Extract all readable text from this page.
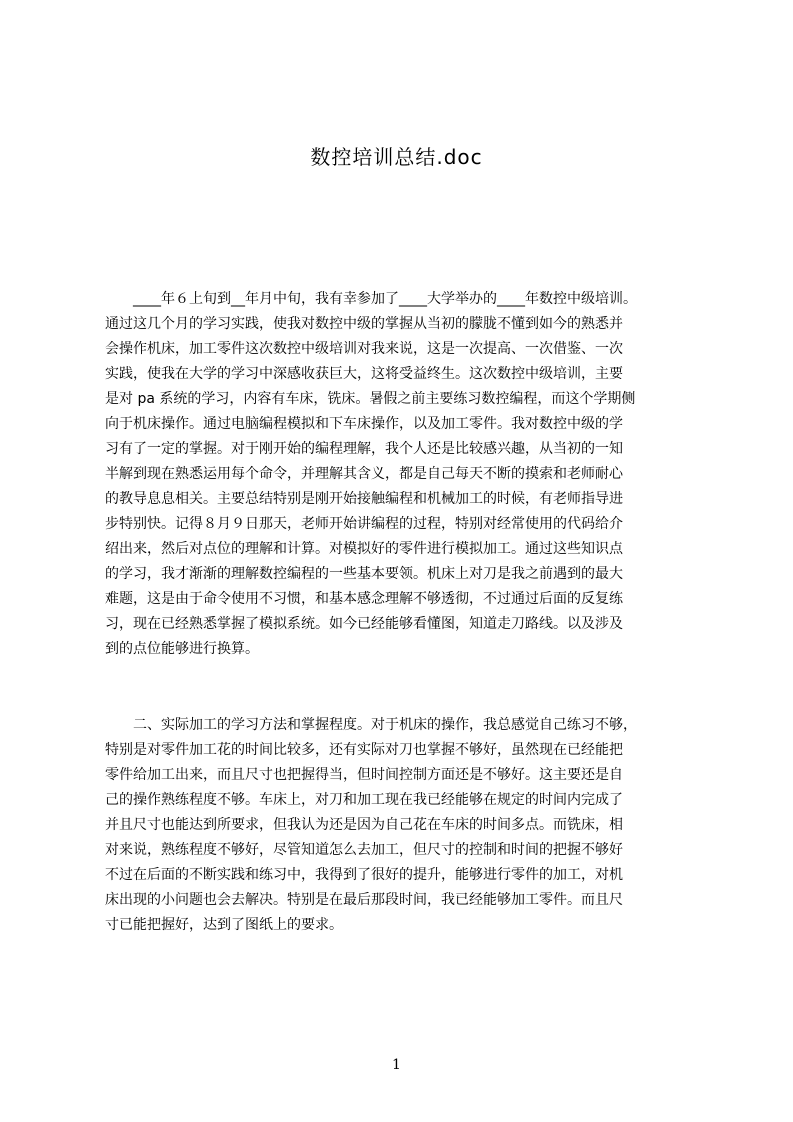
数控培训总结.doc
　　____年６上旬到__年月中旬，我有幸参加了____大学举办的____年数控中级培训。
通过这几个月的学习实践，使我对数控中级的掌握从当初的朦胧不懂到如今的熟悉并
会操作机床，加工零件这次数控中级培训对我来说，这是一次提高、一次借鉴、一次
实践，使我在大学的学习中深感收获巨大，这将受益终生。这次数控中级培训，主要
是对 pa 系统的学习，内容有车床，铣床。暑假之前主要练习数控编程，而这个学期侧
向于机床操作。通过电脑编程模拟和下车床操作，以及加工零件。我对数控中级的学
习有了一定的掌握。对于刚开始的编程理解，我个人还是比较感兴趣，从当初的一知
半解到现在熟悉运用每个命令，并理解其含义，都是自己每天不断的摸索和老师耐心
的教导息息相关。主要总结特别是刚开始接触编程和机械加工的时候，有老师指导进
步特别快。记得８月９日那天，老师开始讲编程的过程，特别对经常使用的代码给介
绍出来，然后对点位的理解和计算。对模拟好的零件进行模拟加工。通过这些知识点
的学习，我才渐渐的理解数控编程的一些基本要领。机床上对刀是我之前遇到的最大
难题，这是由于命令使用不习惯，和基本感念理解不够透彻，不过通过后面的反复练
习，现在已经熟悉掌握了模拟系统。如今已经能够看懂图，知道走刀路线。以及涉及
到的点位能够进行换算。
　　二、实际加工的学习方法和掌握程度。对于机床的操作，我总感觉自己练习不够，
特别是对零件加工花的时间比较多，还有实际对刀也掌握不够好，虽然现在已经能把
零件给加工出来，而且尺寸也把握得当，但时间控制方面还是不够好。这主要还是自
己的操作熟练程度不够。车床上，对刀和加工现在我已经能够在规定的时间内完成了
并且尺寸也能达到所要求，但我认为还是因为自己花在车床的时间多点。而铣床，相
对来说，熟练程度不够好，尽管知道怎么去加工，但尺寸的控制和时间的把握不够好
不过在后面的不断实践和练习中，我得到了很好的提升，能够进行零件的加工，对机
床出现的小问题也会去解决。特别是在最后那段时间，我已经能够加工零件。而且尺
寸已能把握好，达到了图纸上的要求。
1
